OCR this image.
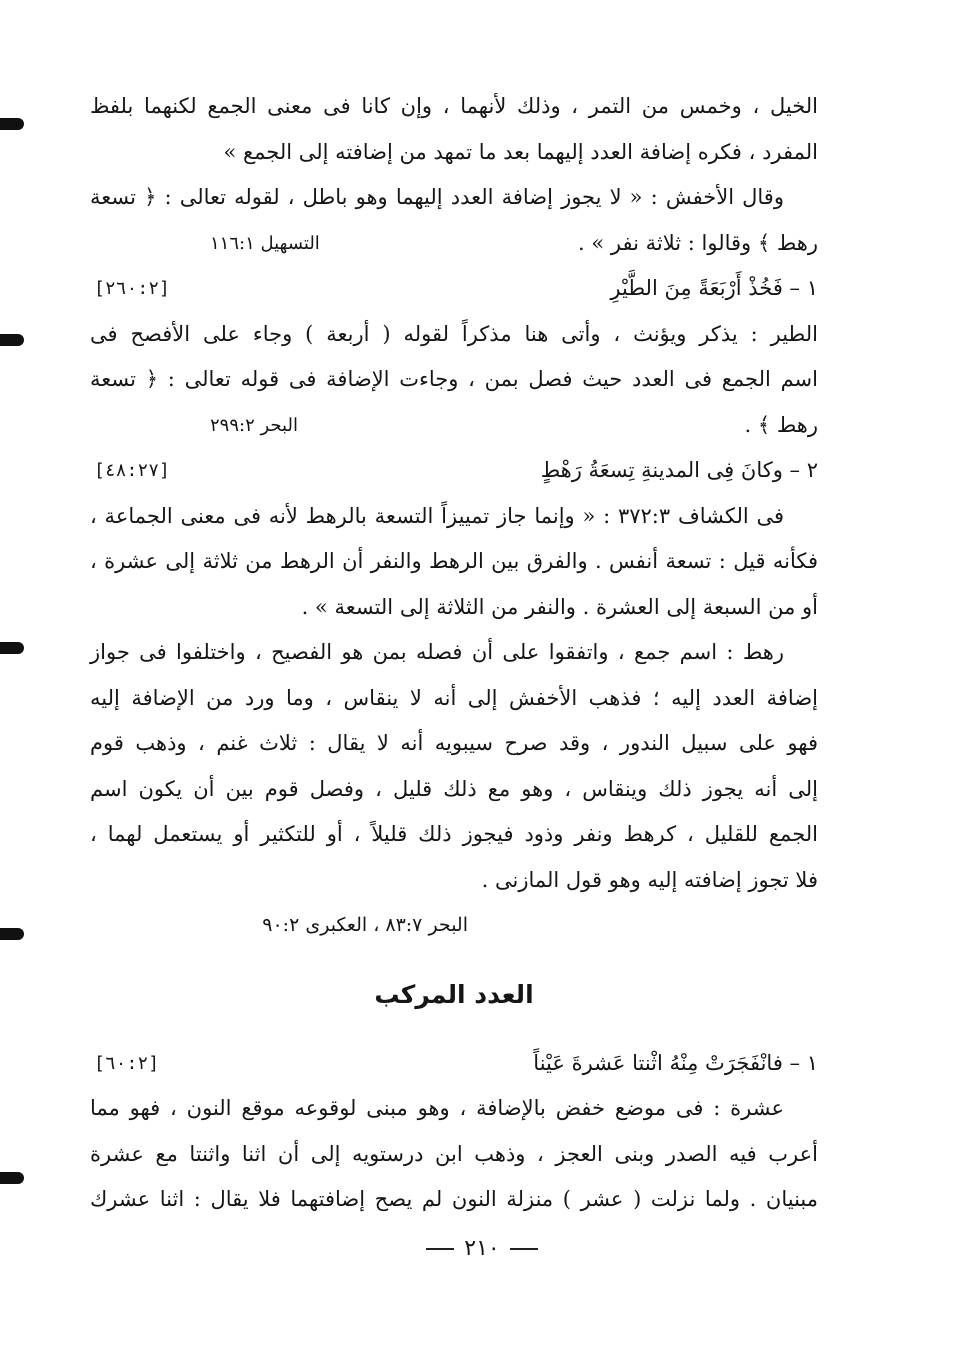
الخيل ، وخمس من التمر ، وذلك لأنهما ، وإن كانا فى معنى الجمع لكنهما بلفظ
المفرد ، فكره إضافة العدد إليهما بعد ما تمهد من إضافته إلى الجمع »
وقال الأخفش : « لا يجوز إضافة العدد إليهما وهو باطل ، لقوله تعالى : ﴿ تسعة
رهط ﴾ وقالوا : ثلاثة نفر » .
التسهيل ١١٦:١
١ – فَخُذْ أَرْبَعَةً مِنَ الطَّيْرِ
[٢٦٠:٢]
الطير : يذكر ويؤنث ، وأتى هنا مذكراً لقوله ( أربعة ) وجاء على الأفصح فى
اسم الجمع فى العدد حيث فصل بمن ، وجاءت الإضافة فى قوله تعالى : ﴿ تسعة
رهط ﴾ .
البحر ٢٩٩:٢
٢ – وكانَ فِى المدينةِ تِسعَةُ رَهْطٍ
[٤٨:٢٧]
فى الكشاف ٣٧٢:٣ : « وإنما جاز تمييزاً التسعة بالرهط لأنه فى معنى الجماعة ،
فكأنه قيل : تسعة أنفس . والفرق بين الرهط والنفر أن الرهط من ثلاثة إلى عشرة ،
أو من السبعة إلى العشرة . والنفر من الثلاثة إلى التسعة » .
رهط : اسم جمع ، واتفقوا على أن فصله بمن هو الفصيح ، واختلفوا فى جواز
إضافة العدد إليه ؛ فذهب الأخفش إلى أنه لا ينقاس ، وما ورد من الإضافة إليه
فهو على سبيل الندور ، وقد صرح سيبويه أنه لا يقال : ثلاث غنم ، وذهب قوم
إلى أنه يجوز ذلك وينقاس ، وهو مع ذلك قليل ، وفصل قوم بين أن يكون اسم
الجمع للقليل ، كرهط ونفر وذود فيجوز ذلك قليلاً ، أو للتكثير أو يستعمل لهما ،
فلا تجوز إضافته إليه وهو قول المازنى .
البحر ٨٣:٧ ، العكبرى ٩٠:٢
العدد المركب
١ – فانْفَجَرَتْ مِنْهُ اثْنتا عَشرةَ عَيْناً
[٦٠:٢]
عشرة : فى موضع خفض بالإضافة ، وهو مبنى لوقوعه موقع النون ، فهو مما
أعرب فيه الصدر وبنى العجز ، وذهب ابن درستويه إلى أن اثنا واثنتا مع عشرة
مبنيان . ولما نزلت ( عشر ) منزلة النون لم يصح إضافتهما فلا يقال : اثنا عشرك
٢١٠
